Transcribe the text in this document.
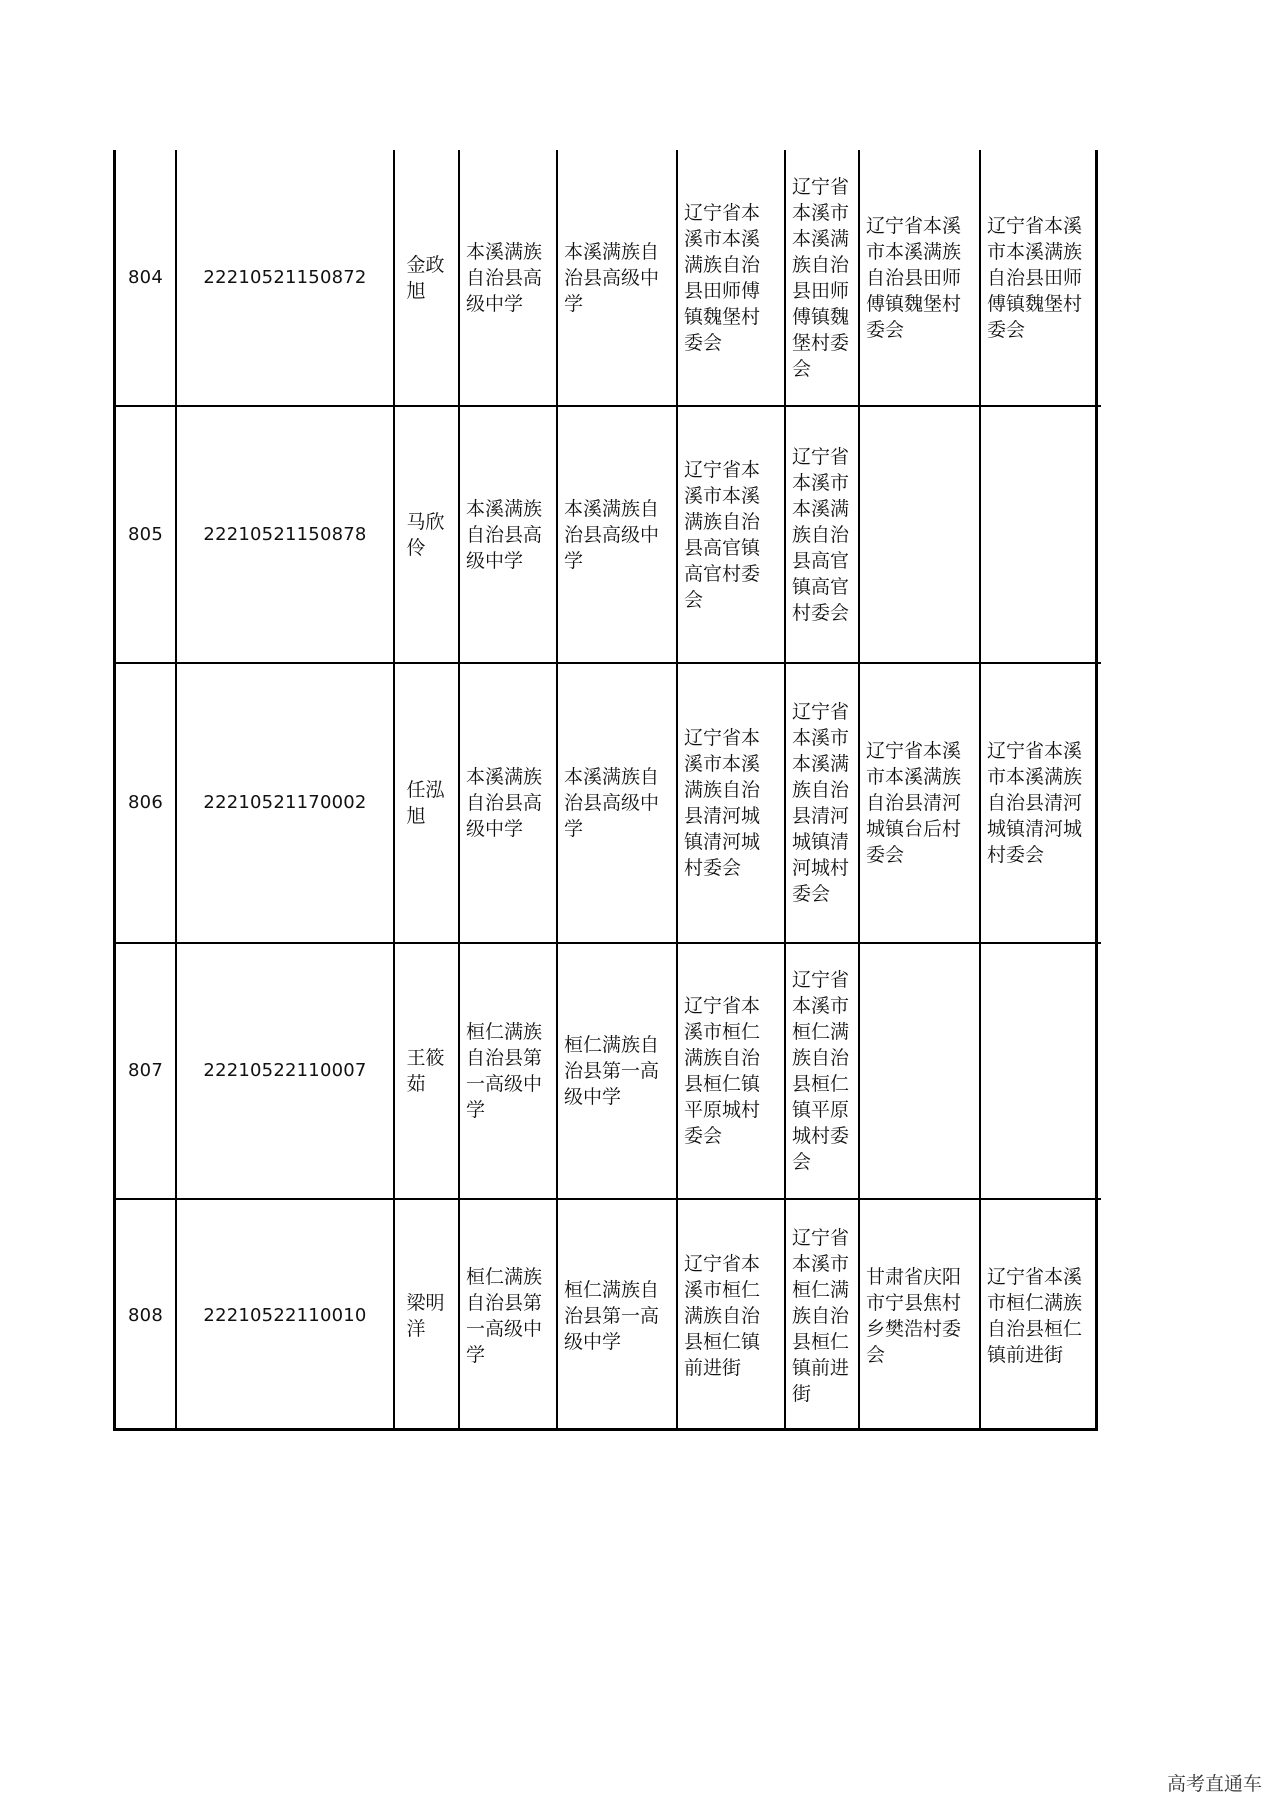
804	22210521150872	金政旭	本溪满族自治县高级中学	本溪满族自治县高级中学	辽宁省本溪市本溪满族自治县田师傅镇魏堡村委会	辽宁省本溪市本溪满族自治县田师傅镇魏堡村委会	辽宁省本溪市本溪满族自治县田师傅镇魏堡村委会	辽宁省本溪市本溪满族自治县田师傅镇魏堡村委会
805	22210521150878	马欣伶	本溪满族自治县高级中学	本溪满族自治县高级中学	辽宁省本溪市本溪满族自治县高官镇高官村委会	辽宁省本溪市本溪满族自治县高官镇高官村委会		
806	22210521170002	任泓旭	本溪满族自治县高级中学	本溪满族自治县高级中学	辽宁省本溪市本溪满族自治县清河城镇清河城村委会	辽宁省本溪市本溪满族自治县清河城镇清河城村委会	辽宁省本溪市本溪满族自治县清河城镇台后村委会	辽宁省本溪市本溪满族自治县清河城镇清河城村委会
807	22210522110007	王筱茹	桓仁满族自治县第一高级中学	桓仁满族自治县第一高级中学	辽宁省本溪市桓仁满族自治县桓仁镇平原城村委会	辽宁省本溪市桓仁满族自治县桓仁镇平原城村委会		
808	22210522110010	梁明洋	桓仁满族自治县第一高级中学	桓仁满族自治县第一高级中学	辽宁省本溪市桓仁满族自治县桓仁镇前进街	辽宁省本溪市桓仁满族自治县桓仁镇前进街	甘肃省庆阳市宁县焦村乡樊浩村委会	辽宁省本溪市桓仁满族自治县桓仁镇前进街
高考直通车
